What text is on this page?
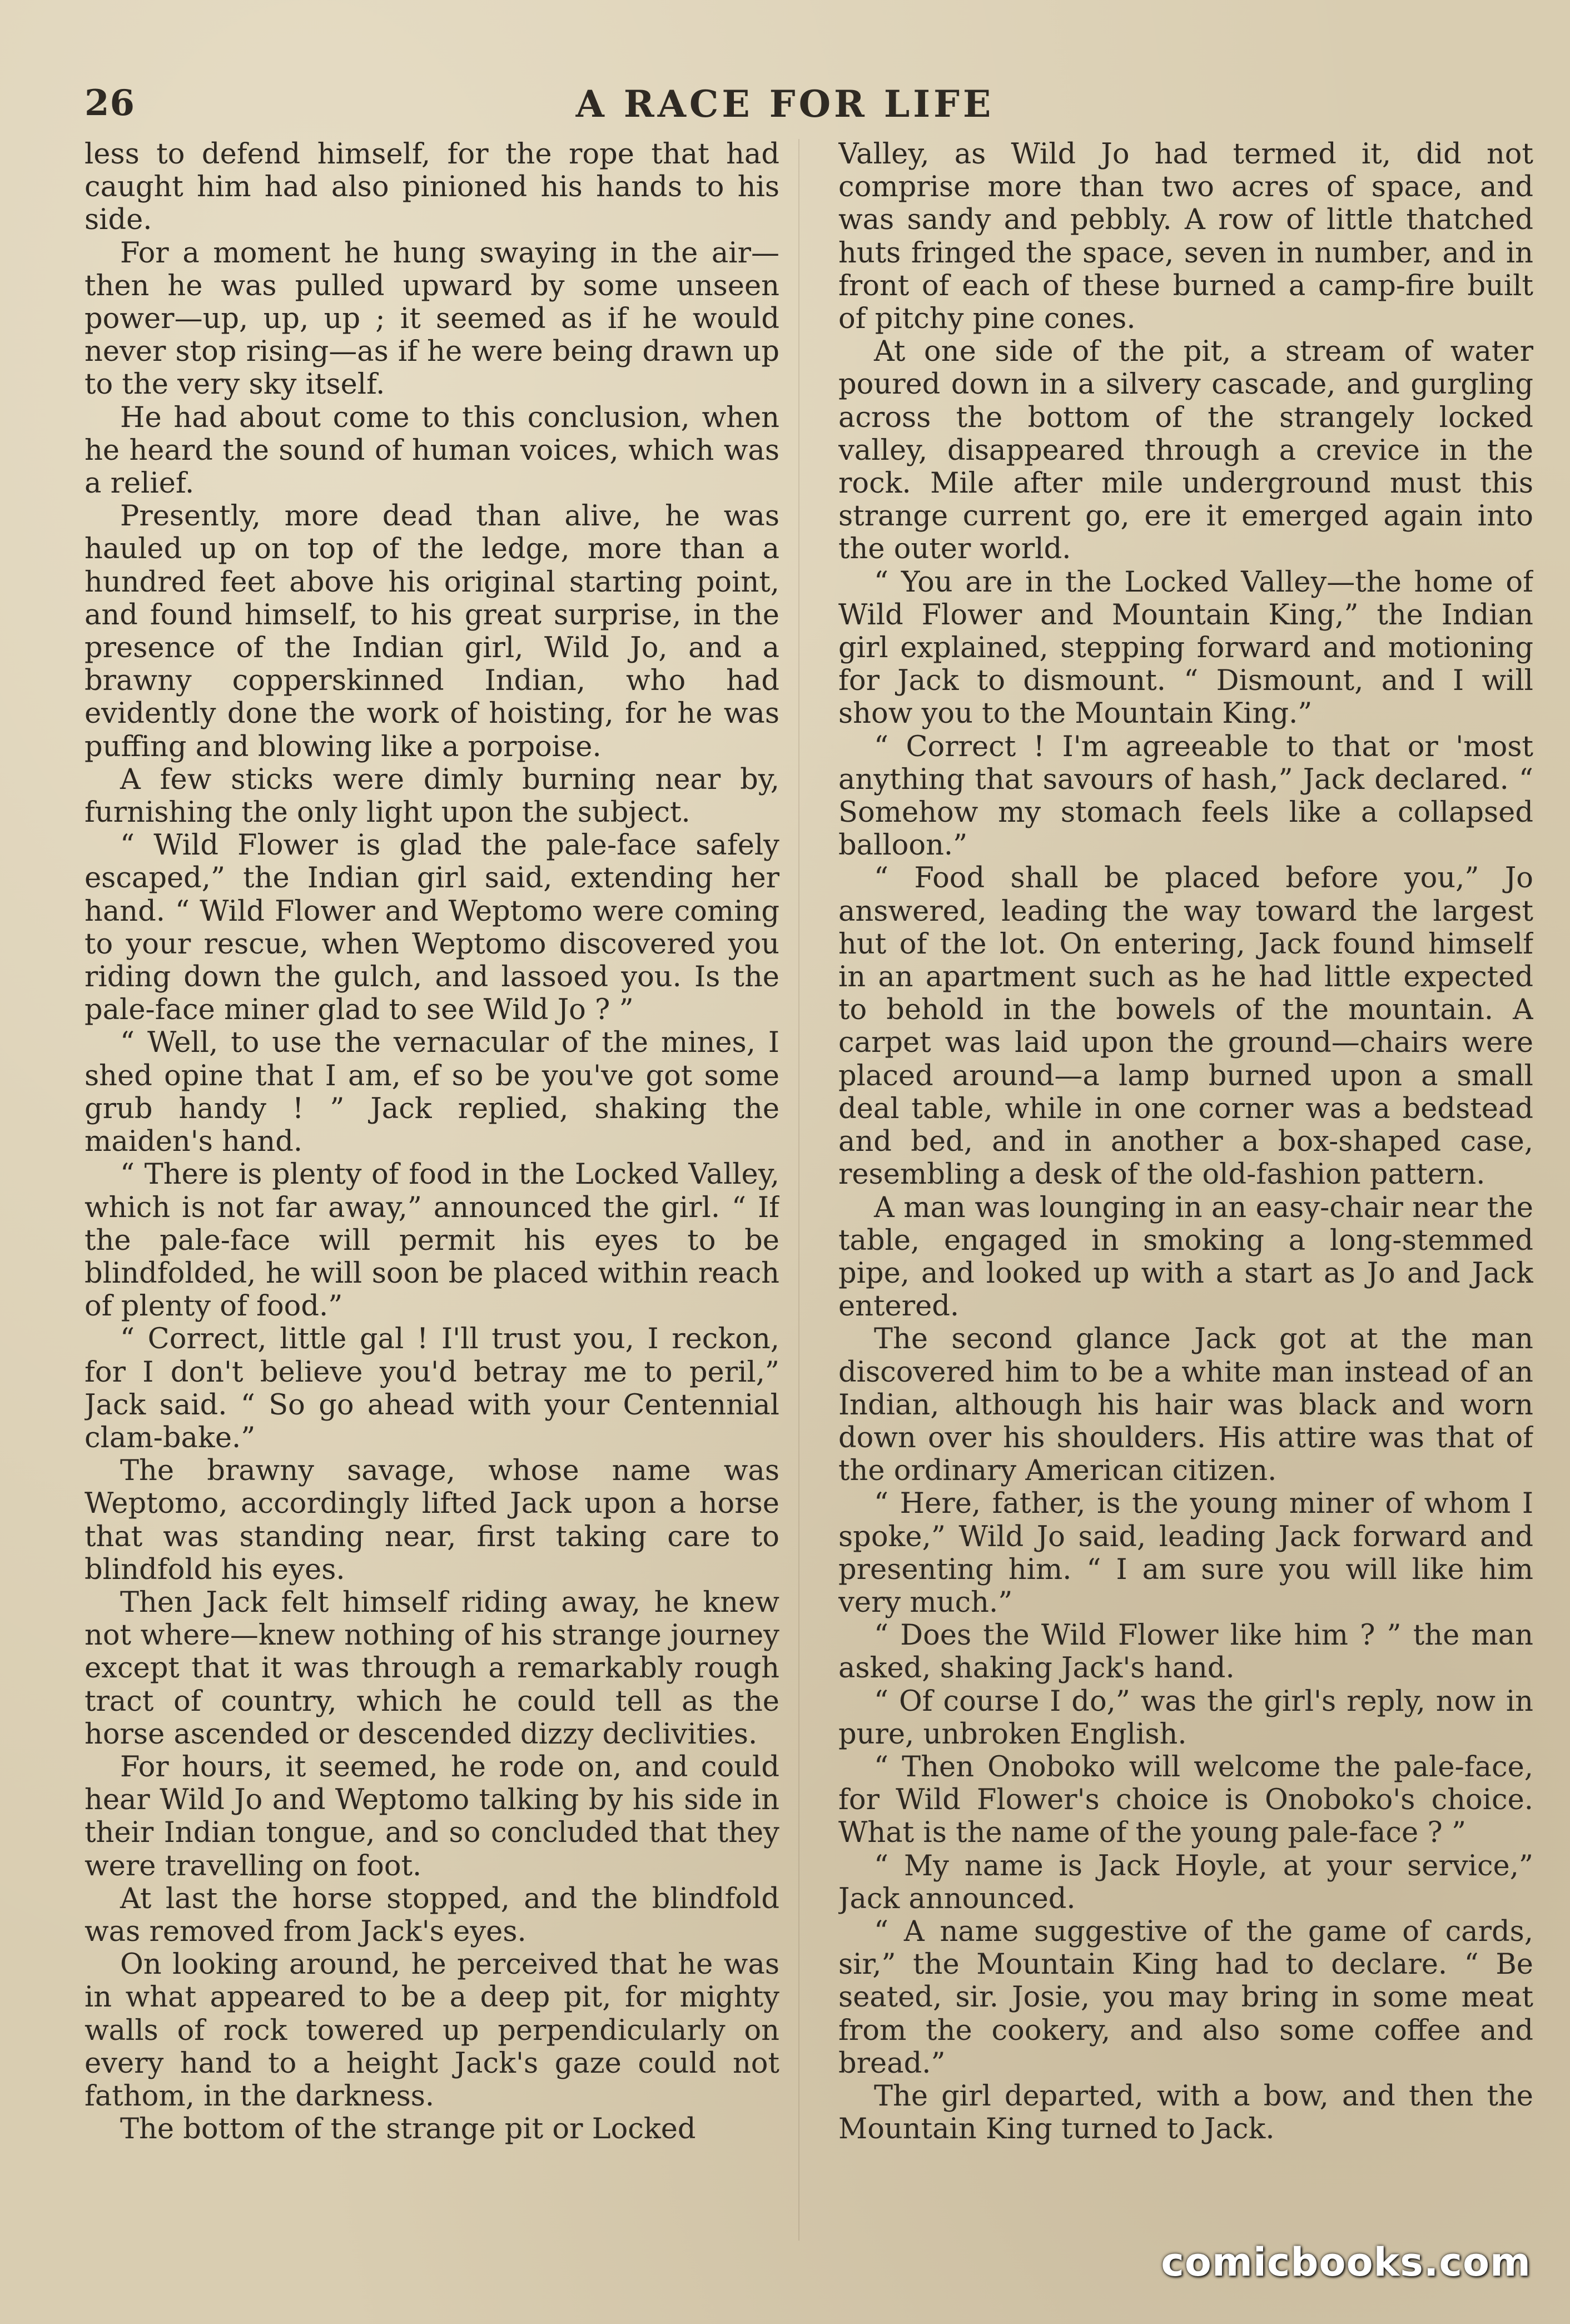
26	A RACE FOR LIFE

less to defend himself, for the rope that had caught him had also pinioned his hands to his side.

For a moment he hung swaying in the air—then he was pulled upward by some unseen power—up, up, up ; it seemed as if he would never stop rising—as if he were being drawn up to the very sky itself.

He had about come to this conclusion, when he heard the sound of human voices, which was a relief.

Presently, more dead than alive, he was hauled up on top of the ledge, more than a hundred feet above his original starting point, and found himself, to his great surprise, in the presence of the Indian girl, Wild Jo, and a brawny copperskinned Indian, who had evidently done the work of hoisting, for he was puffing and blowing like a porpoise.

A few sticks were dimly burning near by, furnishing the only light upon the subject.

“ Wild Flower is glad the pale-face safely escaped,” the Indian girl said, extending her hand. “ Wild Flower and Weptomo were coming to your rescue, when Weptomo discovered you riding down the gulch, and lassoed you. Is the pale-face miner glad to see Wild Jo ? ”

“ Well, to use the vernacular of the mines, I shed opine that I am, ef so be you've got some grub handy ! ” Jack replied, shaking the maiden's hand.

“ There is plenty of food in the Locked Valley, which is not far away,” announced the girl. “ If the pale-face will permit his eyes to be blindfolded, he will soon be placed within reach of plenty of food.”

“ Correct, little gal ! I'll trust you, I reckon, for I don't believe you'd betray me to peril,” Jack said. “ So go ahead with your Centennial clam-bake.”

The brawny savage, whose name was Weptomo, accordingly lifted Jack upon a horse that was standing near, first taking care to blindfold his eyes.

Then Jack felt himself riding away, he knew not where—knew nothing of his strange journey except that it was through a remarkably rough tract of country, which he could tell as the horse ascended or descended dizzy declivities.

For hours, it seemed, he rode on, and could hear Wild Jo and Weptomo talking by his side in their Indian tongue, and so concluded that they were travelling on foot.

At last the horse stopped, and the blindfold was removed from Jack's eyes.

On looking around, he perceived that he was in what appeared to be a deep pit, for mighty walls of rock towered up perpendicularly on every hand to a height Jack's gaze could not fathom, in the darkness.

The bottom of the strange pit or Locked

Valley, as Wild Jo had termed it, did not comprise more than two acres of space, and was sandy and pebbly. A row of little thatched huts fringed the space, seven in number, and in front of each of these burned a camp-fire built of pitchy pine cones.

At one side of the pit, a stream of water poured down in a silvery cascade, and gurgling across the bottom of the strangely locked valley, disappeared through a crevice in the rock. Mile after mile underground must this strange current go, ere it emerged again into the outer world.

“ You are in the Locked Valley—the home of Wild Flower and Mountain King,” the Indian girl explained, stepping forward and motioning for Jack to dismount. “ Dismount, and I will show you to the Mountain King.”

“ Correct ! I'm agreeable to that or 'most anything that savours of hash,” Jack declared. “ Somehow my stomach feels like a collapsed balloon.”

“ Food shall be placed before you,” Jo answered, leading the way toward the largest hut of the lot. On entering, Jack found himself in an apartment such as he had little expected to behold in the bowels of the mountain. A carpet was laid upon the ground—chairs were placed around—a lamp burned upon a small deal table, while in one corner was a bedstead and bed, and in another a box-shaped case, resembling a desk of the old-fashion pattern.

A man was lounging in an easy-chair near the table, engaged in smoking a long-stemmed pipe, and looked up with a start as Jo and Jack entered.

The second glance Jack got at the man discovered him to be a white man instead of an Indian, although his hair was black and worn down over his shoulders. His attire was that of the ordinary American citizen.

“ Here, father, is the young miner of whom I spoke,” Wild Jo said, leading Jack forward and presenting him. “ I am sure you will like him very much.”

“ Does the Wild Flower like him ? ” the man asked, shaking Jack's hand.

“ Of course I do,” was the girl's reply, now in pure, unbroken English.

“ Then Onoboko will welcome the pale-face, for Wild Flower's choice is Onoboko's choice. What is the name of the young pale-face ? ”

“ My name is Jack Hoyle, at your service,” Jack announced.

“ A name suggestive of the game of cards, sir,” the Mountain King had to declare. “ Be seated, sir. Josie, you may bring in some meat from the cookery, and also some coffee and bread.”

The girl departed, with a bow, and then the Mountain King turned to Jack.

comicbooks.com
